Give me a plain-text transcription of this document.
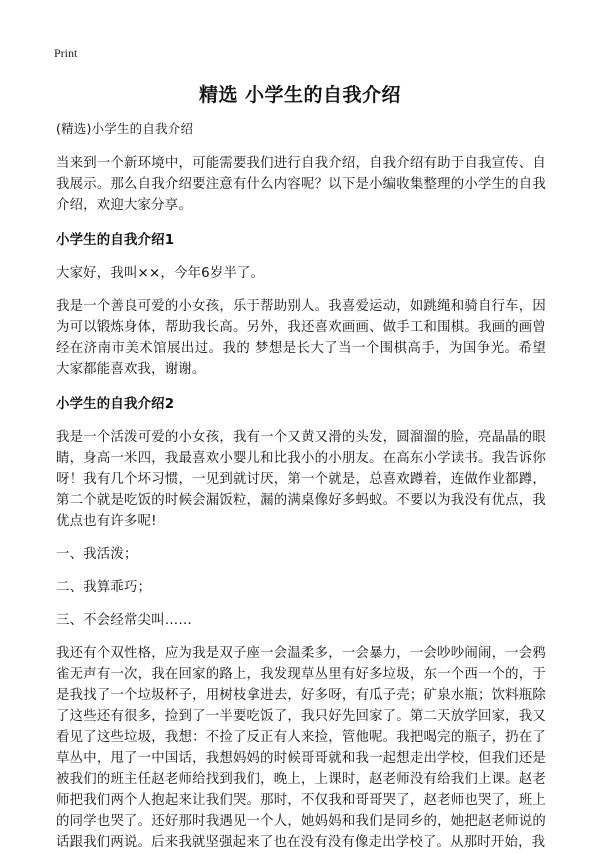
Print
精选 小学生的自我介绍

(精选)小学生的自我介绍

当来到一个新环境中，可能需要我们进行自我介绍，自我介绍有助于自我宣传、自我展示。那么自我介绍要注意有什么内容呢？以下是小编收集整理的小学生的自我介绍，欢迎大家分享。

小学生的自我介绍1

大家好，我叫××，今年6岁半了。

我是一个善良可爱的小女孩，乐于帮助别人。我喜爱运动，如跳绳和骑自行车，因为可以锻炼身体，帮助我长高。另外，我还喜欢画画、做手工和围棋。我画的画曾经在济南市美术馆展出过。我的 梦想是长大了当一个围棋高手，为国争光。希望大家都能喜欢我，谢谢。

小学生的自我介绍2

我是一个活泼可爱的小女孩，我有一个又黄又滑的头发，圆溜溜的脸，亮晶晶的眼睛，身高一米四，我最喜欢小婴儿和比我小的小朋友。在高东小学读书。我告诉你呀！我有几个坏习惯，一见到就讨厌，第一个就是，总喜欢蹲着，连做作业都蹲，第二个就是吃饭的时候会漏饭粒，漏的满桌像好多蚂蚁。不要以为我没有优点，我优点也有许多呢!

一、我活泼；

二、我算乖巧；

三、不会经常尖叫……

我还有个双性格，应为我是双子座一会温柔多，一会暴力，一会吵吵闹闹，一会鸦雀无声有一次，我在回家的路上，我发现草丛里有好多垃圾，东一个西一个的，于是我找了一个垃圾杯子，用树枝拿进去，好多呀，有瓜子壳；矿泉水瓶；饮料瓶除了这些还有很多，捡到了一半要吃饭了，我只好先回家了。第二天放学回家，我又看见了这些垃圾，我想：不捡了反正有人来捡，管他呢。我把喝完的瓶子，扔在了草丛中，甩了一中国话，我想妈妈的时候哥哥就和我一起想走出学校，但我们还是被我们的班主任赵老师给找到我们，晚上，上课时，赵老师没有给我们上课。赵老师把我们两个人抱起来让我们哭。那时，不仅我和哥哥哭了，赵老师也哭了，班上的同学也哭了。还好那时我遇见一个人，她妈妈和我们是同乡的，她把赵老师说的话跟我们两说。后来我就坚强起来了也在没有没有像走出学校了。从那时开始，我
